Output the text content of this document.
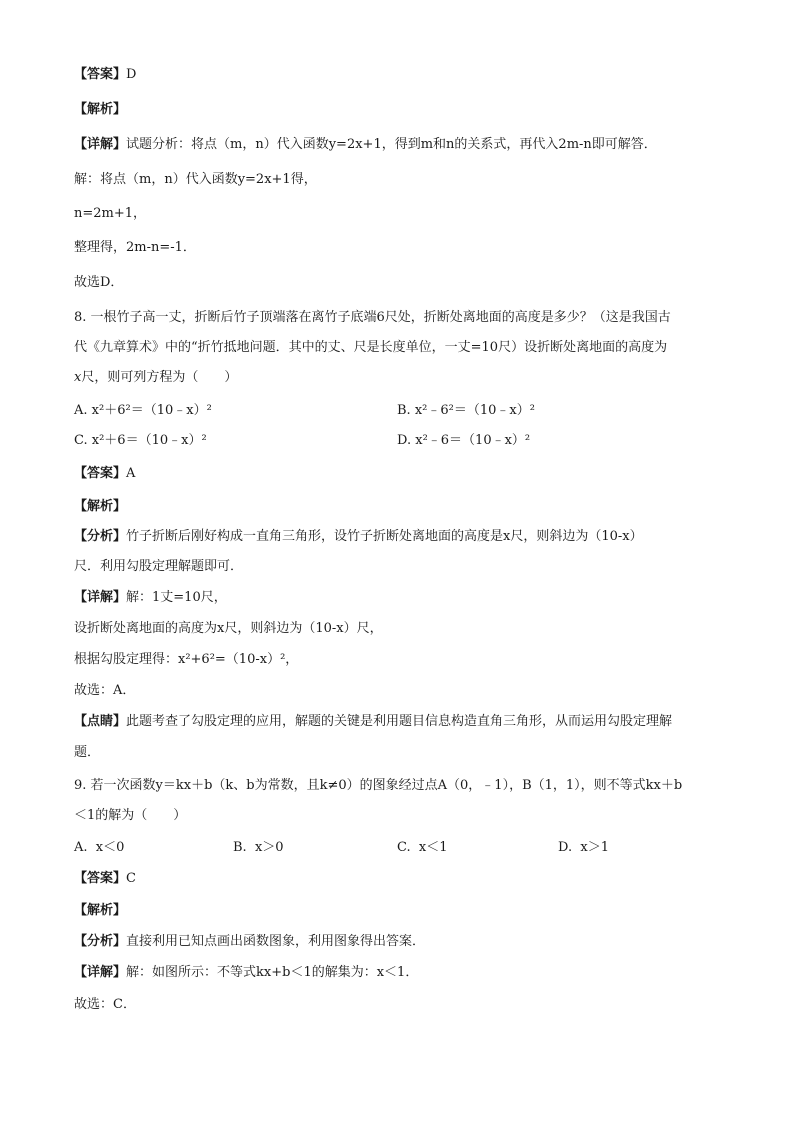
【答案】D
【解析】
【详解】试题分析：将点（m，n）代入函数y=2x+1，得到m和n的关系式，再代入2m-n即可解答．
解：将点（m，n）代入函数y=2x+1得，
n=2m+1，
整理得，2m-n=-1．
故选D．
8. 一根竹子高一丈，折断后竹子顶端落在离竹子底端6尺处，折断处离地面的高度是多少？（这是我国古
代《九章算术》中的“折竹抵地问题．其中的丈、尺是长度单位，一丈=10尺）设折断处离地面的高度为
x尺，则可列方程为（　　）
A. x²＋6²＝（10﹣x）²	B. x²﹣6²＝（10﹣x）²
C. x²＋6＝（10﹣x）²	D. x²﹣6＝（10﹣x）²
【答案】A
【解析】
【分析】竹子折断后刚好构成一直角三角形，设竹子折断处离地面的高度是x尺，则斜边为（10-x）
尺．利用勾股定理解题即可．
【详解】解：1丈=10尺，
设折断处离地面的高度为x尺，则斜边为（10-x）尺，
根据勾股定理得：x²+6²=（10-x）²，
故选：A．
【点睛】此题考查了勾股定理的应用，解题的关键是利用题目信息构造直角三角形，从而运用勾股定理解
题．
9. 若一次函数y＝kx＋b（k、b为常数，且k≠0）的图象经过点A（0，﹣1），B（1，1），则不等式kx＋b
＜1的解为（　　）
A. x＜0	B. x＞0	C. x＜1	D. x＞1
【答案】C
【解析】
【分析】直接利用已知点画出函数图象，利用图象得出答案．
【详解】解：如图所示：不等式kx+b＜1的解集为：x＜1．
故选：C．
